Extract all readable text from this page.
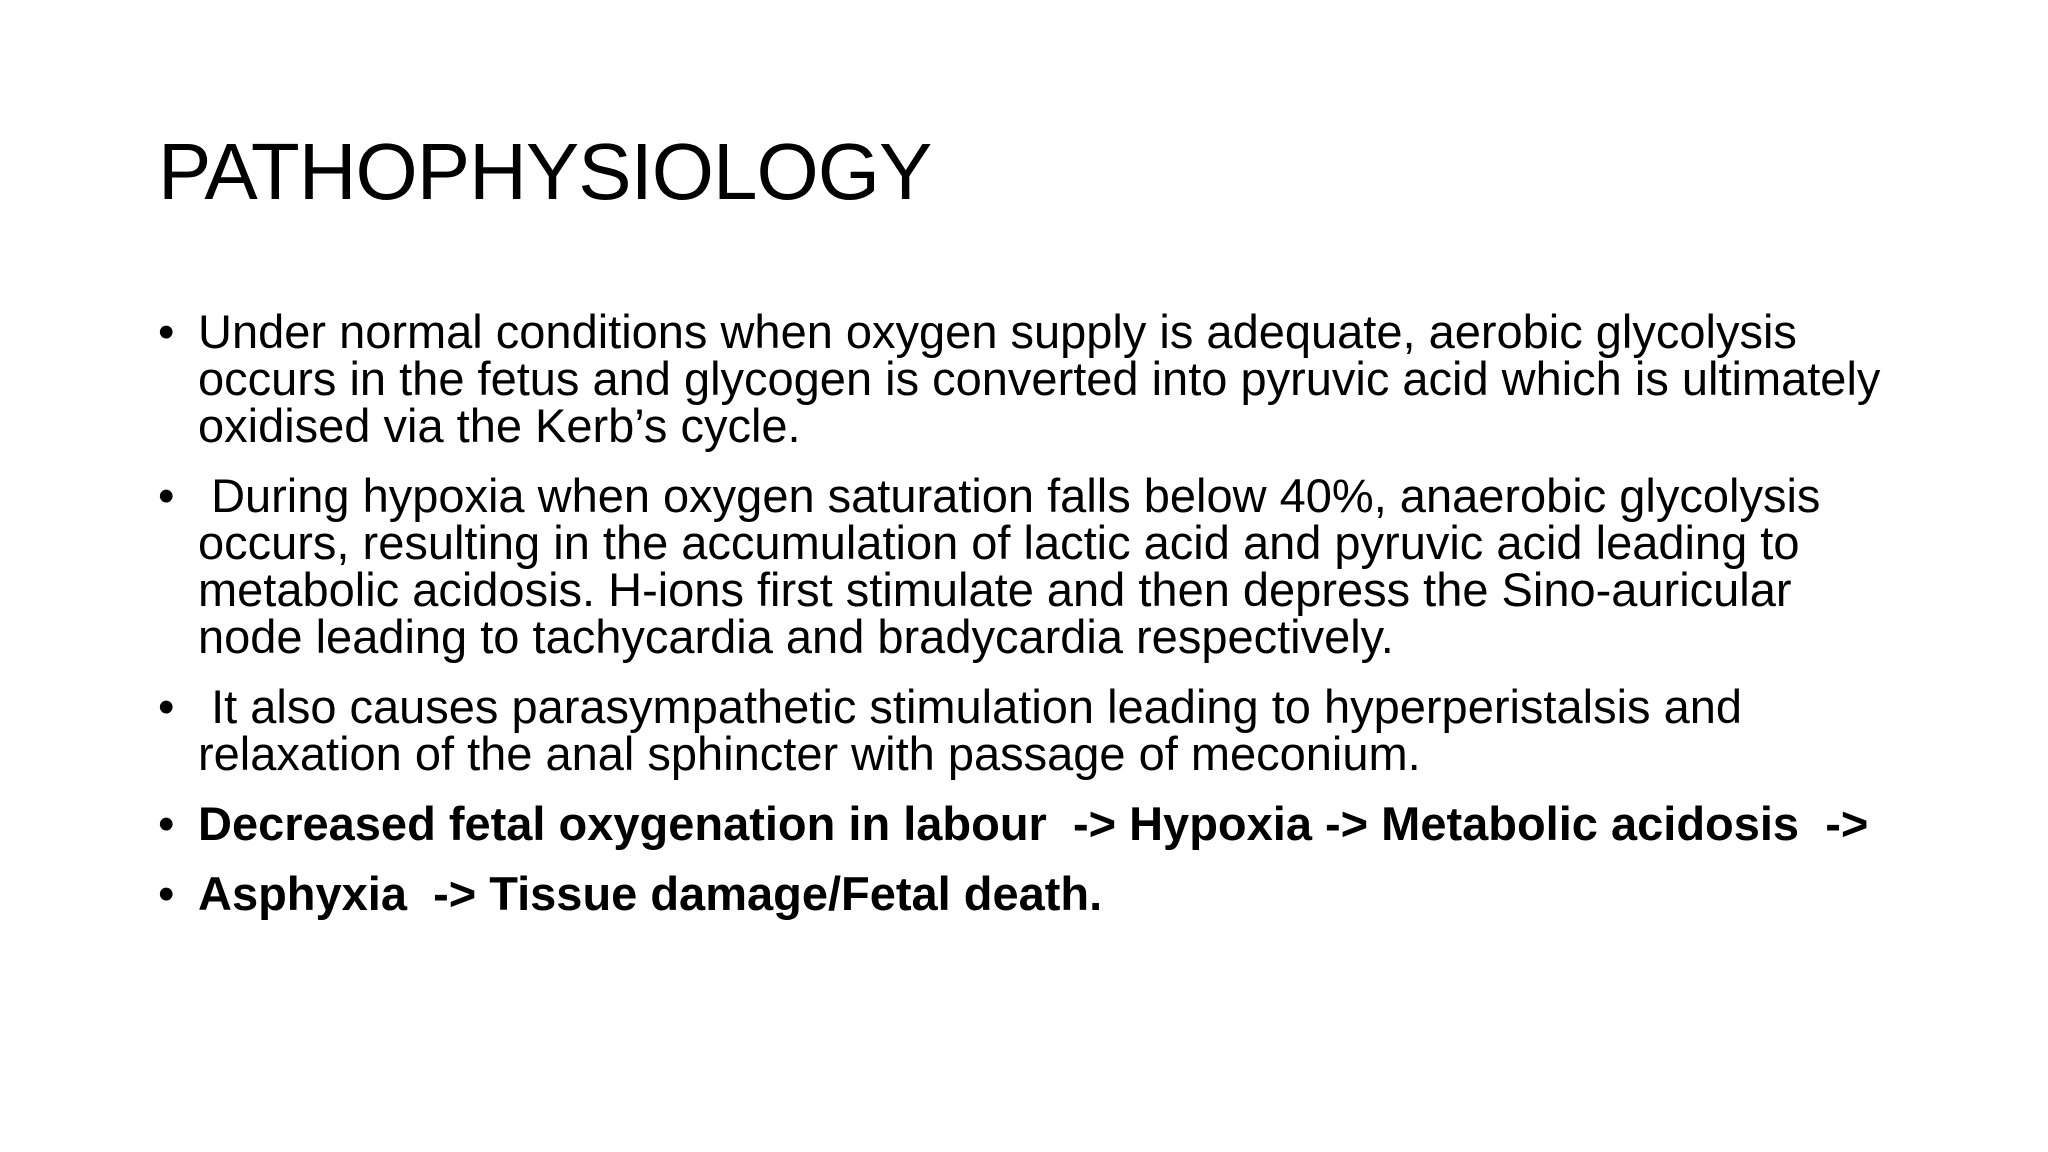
PATHOPHYSIOLOGY
• Under normal conditions when oxygen supply is adequate, aerobic glycolysis occurs in the fetus and glycogen is converted into pyruvic acid which is ultimately oxidised via the Kerb’s cycle.
• During hypoxia when oxygen saturation falls below 40%, anaerobic glycolysis occurs, resulting in the accumulation of lactic acid and pyruvic acid leading to metabolic acidosis. H-ions first stimulate and then depress the Sino-auricular node leading to tachycardia and bradycardia respectively.
• It also causes parasympathetic stimulation leading to hyperperistalsis and relaxation of the anal sphincter with passage of meconium.
• Decreased fetal oxygenation in labour  -> Hypoxia -> Metabolic acidosis  ->
• Asphyxia  -> Tissue damage/Fetal death.
